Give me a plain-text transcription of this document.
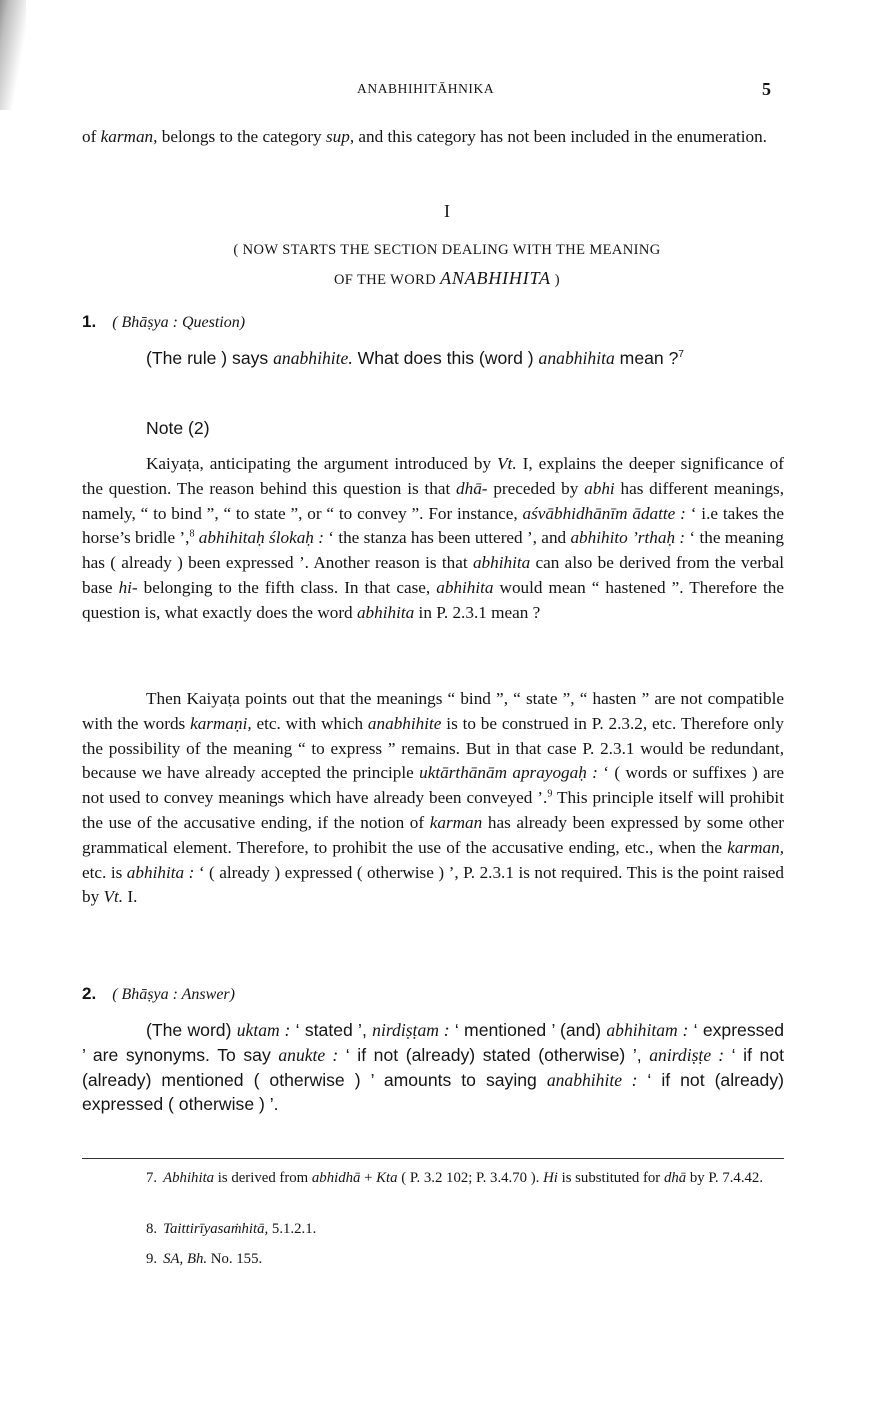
ANABHIHITĀHNIKA	5

of karman, belongs to the category sup, and this category has not been included in the enumeration.

I
( NOW STARTS THE SECTION DEALING WITH THE MEANING
OF THE WORD ANABHIHITA )
1. ( Bhāṣya : Question)

(The rule ) says anabhihite. What does this (word ) anabhihita mean ?$^7$

Note (2)

Kaiyaṭa, anticipating the argument introduced by Vt. I, explains the deeper significance of the question. The reason behind this question is that dhā- preceded by abhi has different meanings, namely, “ to bind ”, “ to state ”, or “ to convey ”. For instance, aśvābhidhānīm ādatte : ‘ i.e takes the horse’s bridle ’,$^8$ abhihitaḥ ślokaḥ : ‘ the stanza has been uttered ’, and abhihito ’rthaḥ : ‘ the meaning has ( already ) been expressed ’. Another reason is that abhihita can also be derived from the verbal base hi- belonging to the fifth class. In that case, abhihita would mean “ hastened ”. Therefore the question is, what exactly does the word abhihita in P. 2.3.1 mean ?

Then Kaiyaṭa points out that the meanings “ bind ”, “ state ”, “ hasten ” are not compatible with the words karmaṇi, etc. with which anabhihite is to be construed in P. 2.3.2, etc. Therefore only the possibility of the meaning “ to express ” remains. But in that case P. 2.3.1 would be redundant, because we have already accepted the principle uktārthānām aprayogaḥ : ‘ ( words or suffixes ) are not used to convey meanings which have already been conveyed ’.$^9$ This principle itself will prohibit the use of the accusative ending, if the notion of karman has already been expressed by some other grammatical element. Therefore, to prohibit the use of the accusative ending, etc., when the karman, etc. is abhihita : ‘ ( already ) expressed ( otherwise ) ’, P. 2.3.1 is not required. This is the point raised by Vt. I.

2. ( Bhāṣya : Answer)

(The word) uktam : ‘ stated ’, nirdiṣṭam : ‘ mentioned ’ (and) abhihitam : ‘ expressed ’ are synonyms. To say anukte : ‘ if not (already) stated (otherwise) ’, anirdiṣṭe : ‘ if not (already) mentioned ( otherwise ) ’ amounts to saying anabhihite : ‘ if not (already) expressed ( otherwise ) ’.

7. Abhihita is derived from abhidhā + Kta ( P. 3.2 102; P. 3.4.70 ). Hi is substituted for dhā by P. 7.4.42.

8. Taittirīyasaṁhitā, 5.1.2.1.

9. SA, Bh. No. 155.
